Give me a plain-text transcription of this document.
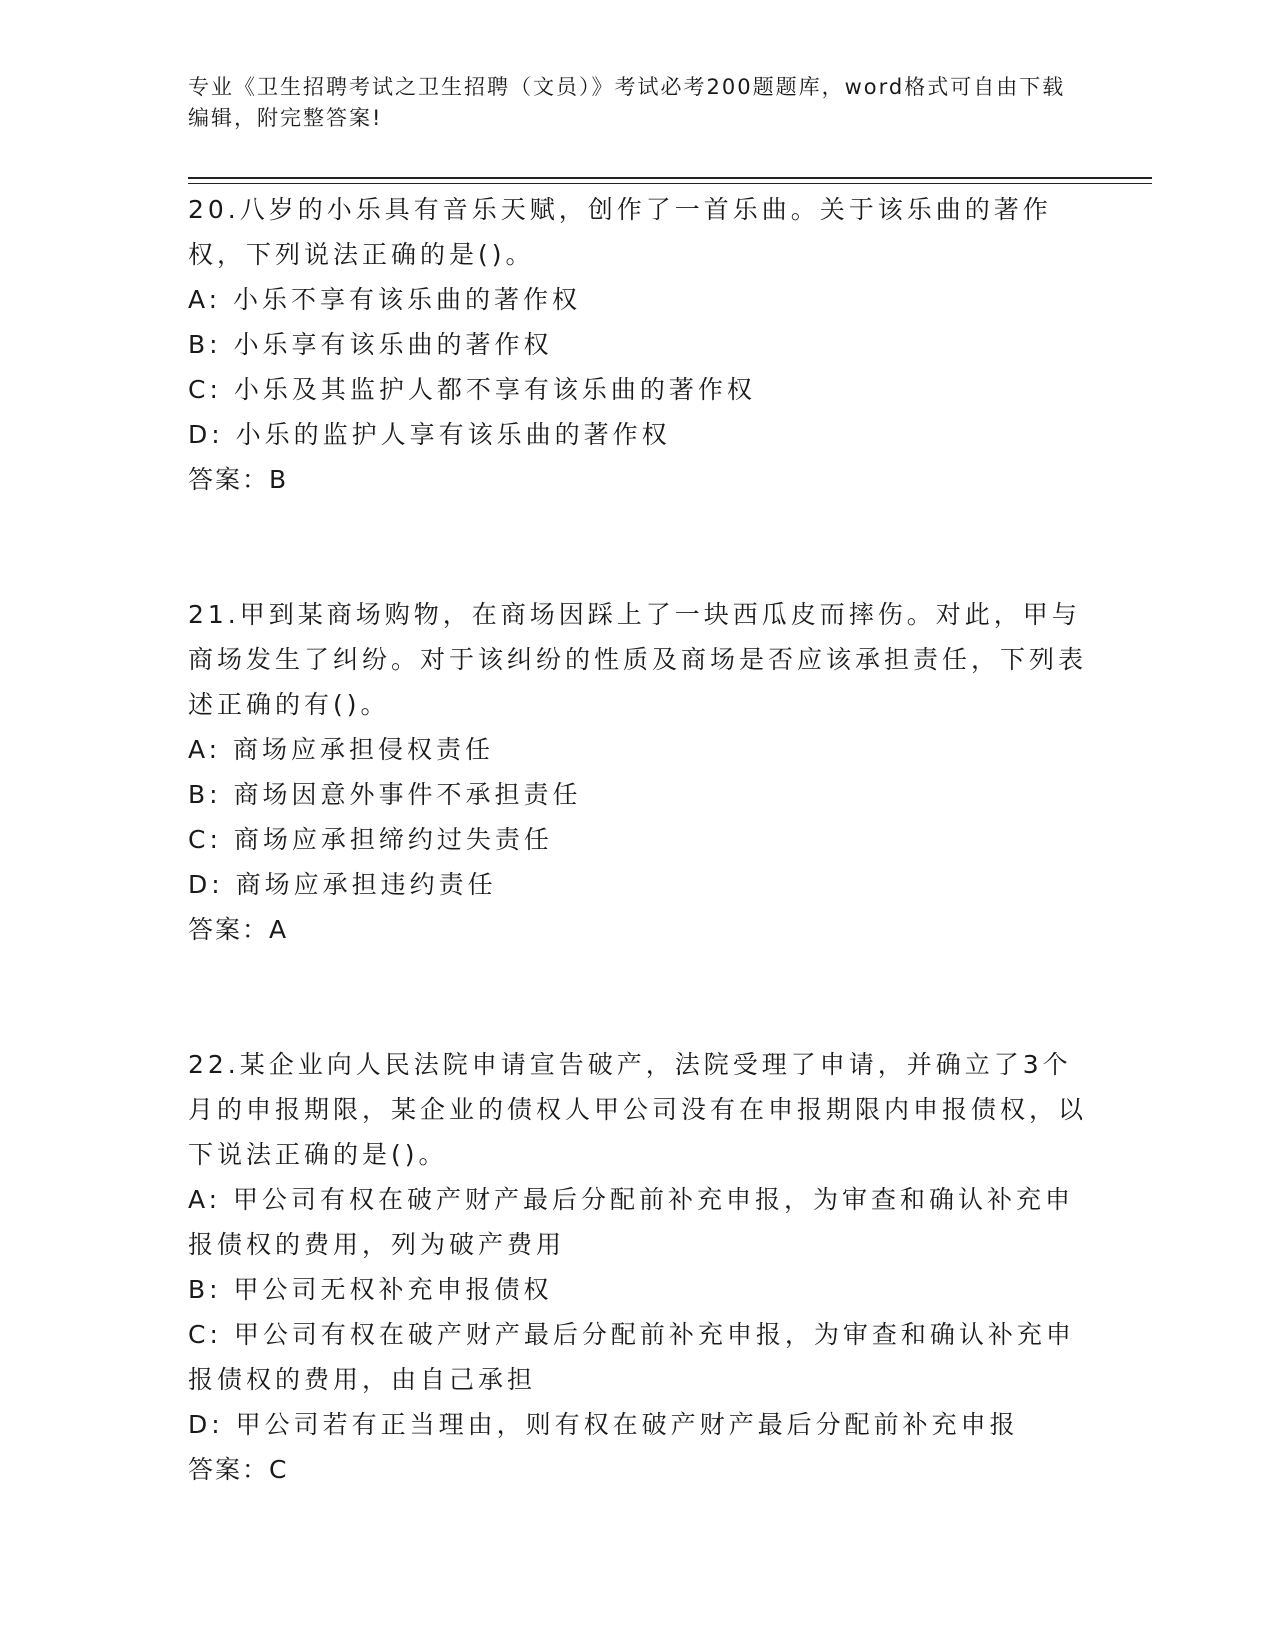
专业《卫生招聘考试之卫生招聘（文员）》考试必考200题题库，word格式可自由下载编辑，附完整答案!
20.八岁的小乐具有音乐天赋，创作了一首乐曲。关于该乐曲的著作权，下列说法正确的是()。
A: 小乐不享有该乐曲的著作权
B: 小乐享有该乐曲的著作权
C: 小乐及其监护人都不享有该乐曲的著作权
D: 小乐的监护人享有该乐曲的著作权
答案：B
21.甲到某商场购物，在商场因踩上了一块西瓜皮而摔伤。对此，甲与商场发生了纠纷。对于该纠纷的性质及商场是否应该承担责任，下列表述正确的有()。
A: 商场应承担侵权责任
B: 商场因意外事件不承担责任
C: 商场应承担缔约过失责任
D: 商场应承担违约责任
答案：A
22.某企业向人民法院申请宣告破产，法院受理了申请，并确立了3个月的申报期限，某企业的债权人甲公司没有在申报期限内申报债权，以下说法正确的是()。
A: 甲公司有权在破产财产最后分配前补充申报，为审查和确认补充申报债权的费用，列为破产费用
B: 甲公司无权补充申报债权
C: 甲公司有权在破产财产最后分配前补充申报，为审查和确认补充申报债权的费用，由自己承担
D: 甲公司若有正当理由，则有权在破产财产最后分配前补充申报
答案：C
